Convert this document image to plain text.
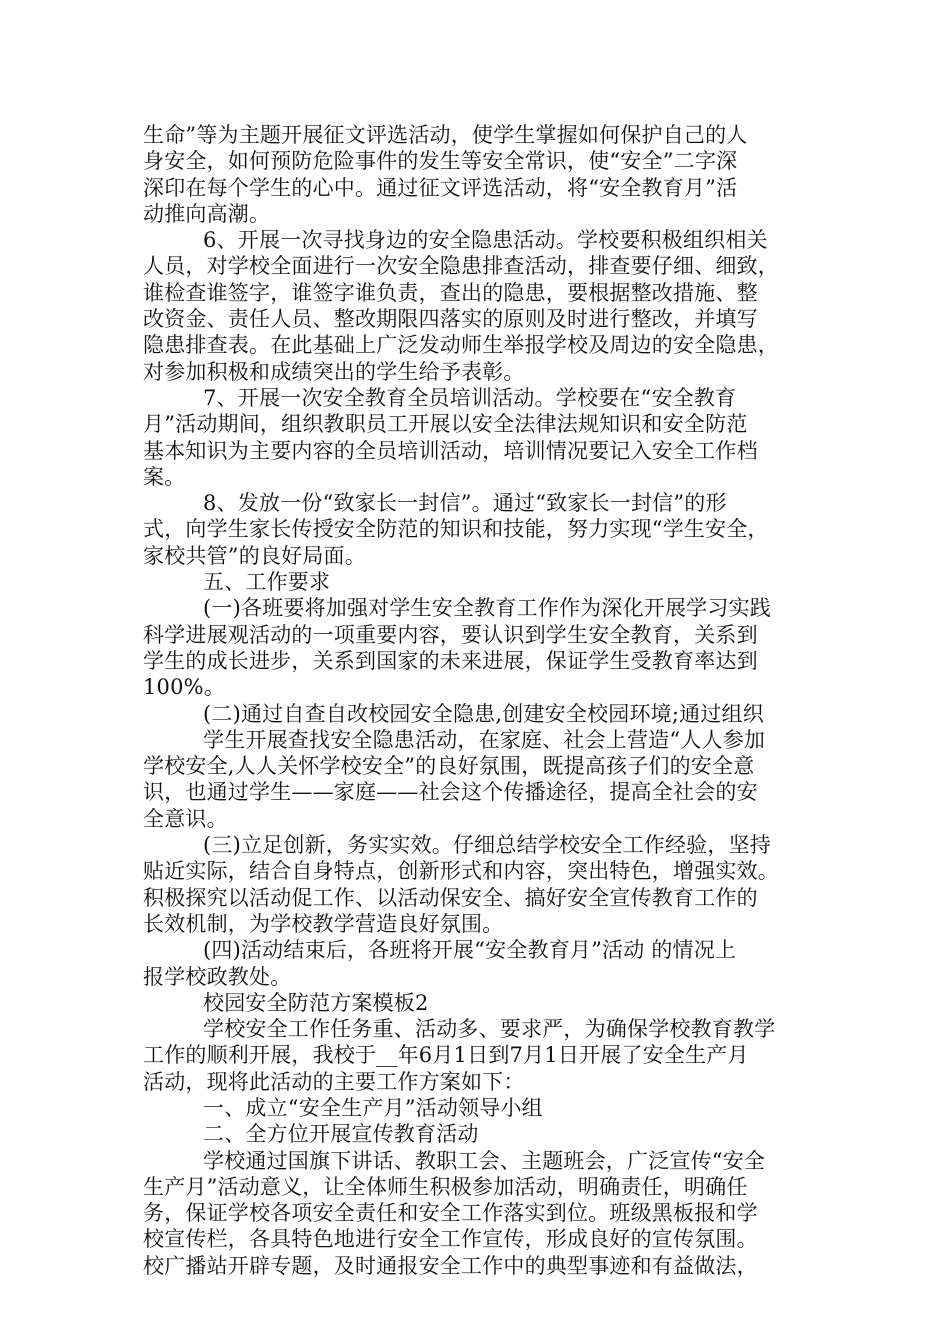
生命”等为主题开展征文评选活动，使学生掌握如何保护自己的人
身安全，如何预防危险事件的发生等安全常识，使“安全”二字深
深印在每个学生的心中。通过征文评选活动，将“安全教育月”活
动推向高潮。
6、开展一次寻找身边的安全隐患活动。学校要积极组织相关
人员，对学校全面进行一次安全隐患排查活动，排查要仔细、细致，
谁检查谁签字，谁签字谁负责，查出的隐患，要根据整改措施、整
改资金、责任人员、整改期限四落实的原则及时进行整改，并填写
隐患排查表。在此基础上广泛发动师生举报学校及周边的安全隐患，
对参加积极和成绩突出的学生给予表彰。
7、开展一次安全教育全员培训活动。学校要在“安全教育
月”活动期间，组织教职员工开展以安全法律法规知识和安全防范
基本知识为主要内容的全员培训活动，培训情况要记入安全工作档
案。
8、发放一份“致家长一封信”。通过“致家长一封信”的形
式，向学生家长传授安全防范的知识和技能，努力实现“学生安全，
家校共管”的良好局面。
五、工作要求
(一)各班要将加强对学生安全教育工作作为深化开展学习实践
科学进展观活动的一项重要内容，要认识到学生安全教育，关系到
学生的成长进步，关系到国家的未来进展，保证学生受教育率达到
100%。
(二)通过自查自改校园安全隐患,创建安全校园环境;通过组织
学生开展查找安全隐患活动，在家庭、社会上营造“人人参加
学校安全,人人关怀学校安全”的良好氛围，既提高孩子们的安全意
识，也通过学生——家庭——社会这个传播途径，提高全社会的安
全意识。
(三)立足创新，务实实效。仔细总结学校安全工作经验，坚持
贴近实际，结合自身特点，创新形式和内容，突出特色，增强实效。
积极探究以活动促工作、以活动保安全、搞好安全宣传教育工作的
长效机制，为学校教学营造良好氛围。
(四)活动结束后，各班将开展“安全教育月”活动 的情况上
报学校政教处。
校园安全防范方案模板2
学校安全工作任务重、活动多、要求严，为确保学校教育教学
工作的顺利开展，我校于__年6月1日到7月1日开展了安全生产月
活动，现将此活动的主要工作方案如下：
一、成立“安全生产月”活动领导小组
二、全方位开展宣传教育活动
学校通过国旗下讲话、教职工会、主题班会，广泛宣传“安全
生产月”活动意义，让全体师生积极参加活动，明确责任，明确任
务，保证学校各项安全责任和安全工作落实到位。班级黑板报和学
校宣传栏，各具特色地进行安全工作宣传，形成良好的宣传氛围。
校广播站开辟专题，及时通报安全工作中的典型事迹和有益做法，
